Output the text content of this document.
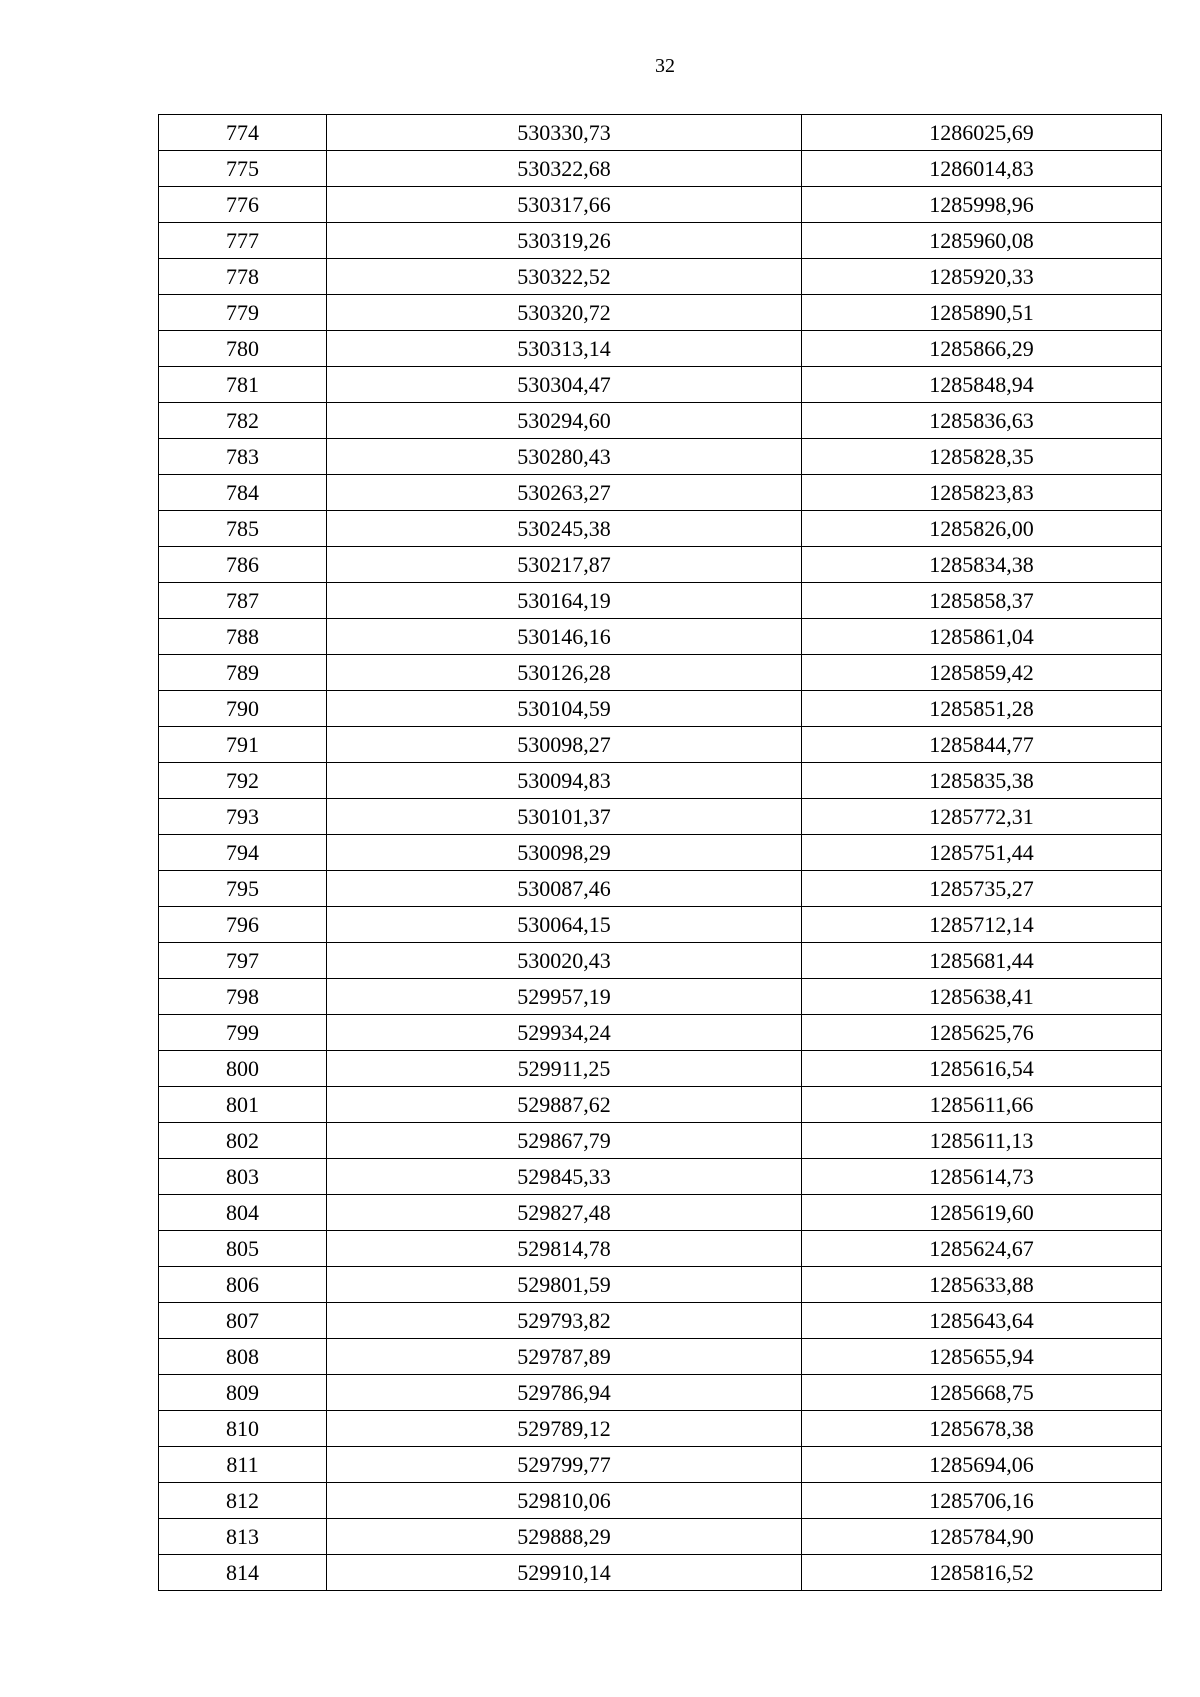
32
774	530330,73	1286025,69
775	530322,68	1286014,83
776	530317,66	1285998,96
777	530319,26	1285960,08
778	530322,52	1285920,33
779	530320,72	1285890,51
780	530313,14	1285866,29
781	530304,47	1285848,94
782	530294,60	1285836,63
783	530280,43	1285828,35
784	530263,27	1285823,83
785	530245,38	1285826,00
786	530217,87	1285834,38
787	530164,19	1285858,37
788	530146,16	1285861,04
789	530126,28	1285859,42
790	530104,59	1285851,28
791	530098,27	1285844,77
792	530094,83	1285835,38
793	530101,37	1285772,31
794	530098,29	1285751,44
795	530087,46	1285735,27
796	530064,15	1285712,14
797	530020,43	1285681,44
798	529957,19	1285638,41
799	529934,24	1285625,76
800	529911,25	1285616,54
801	529887,62	1285611,66
802	529867,79	1285611,13
803	529845,33	1285614,73
804	529827,48	1285619,60
805	529814,78	1285624,67
806	529801,59	1285633,88
807	529793,82	1285643,64
808	529787,89	1285655,94
809	529786,94	1285668,75
810	529789,12	1285678,38
811	529799,77	1285694,06
812	529810,06	1285706,16
813	529888,29	1285784,90
814	529910,14	1285816,52
